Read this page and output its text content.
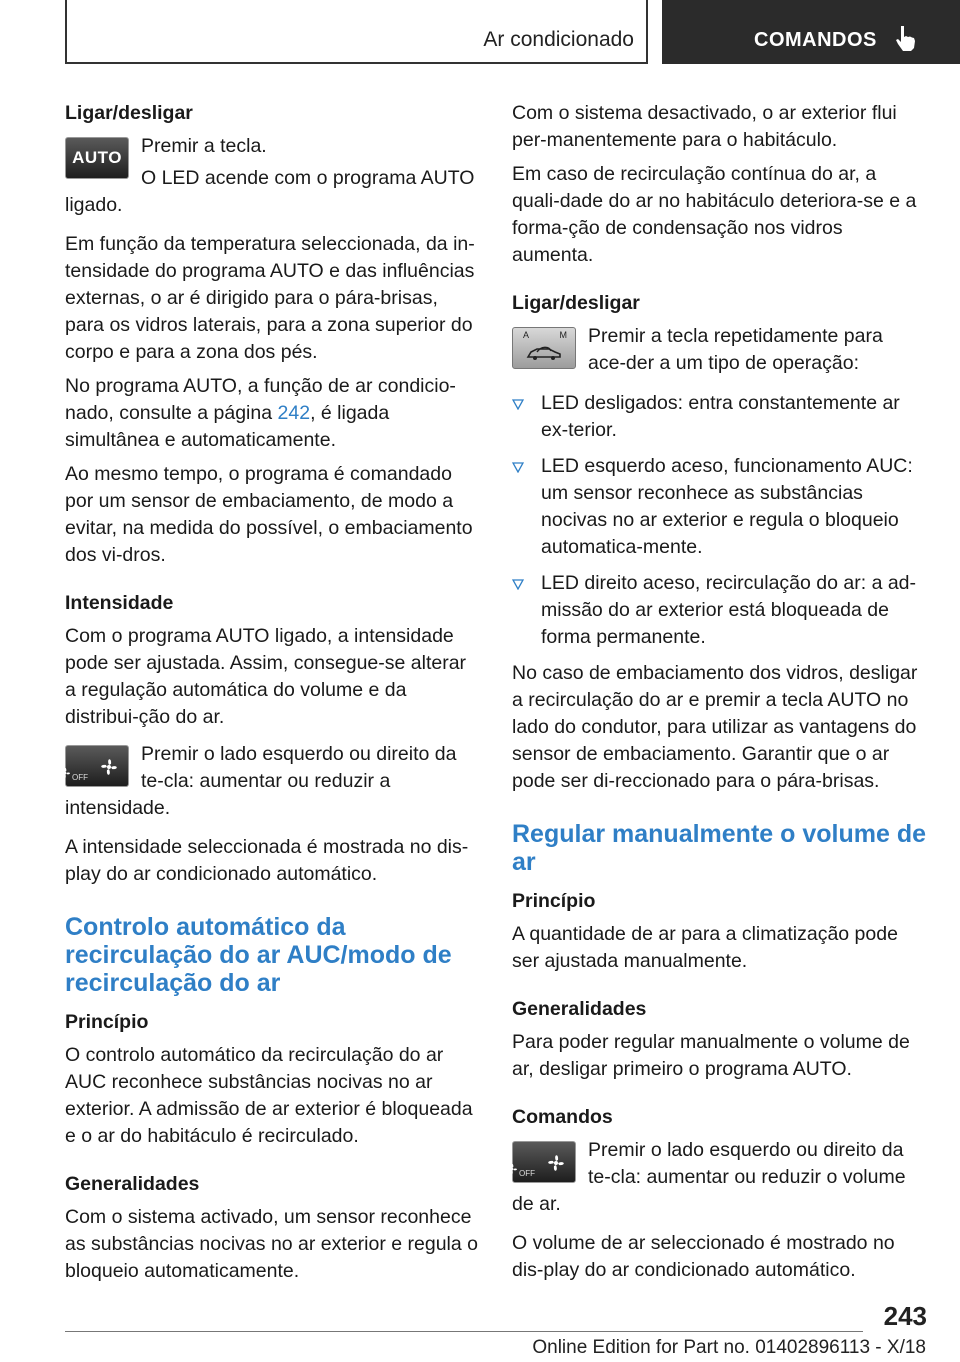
Ar condicionado	COMANDOS
Ligar/desligar
AUTO

Premir a tecla.

O LED acende com o programa AUTO ligado.

Em função da temperatura seleccionada, da in-tensidade do programa AUTO e das influências externas, o ar é dirigido para o pára-brisas, para os vidros laterais, para a zona superior do corpo e para a zona dos pés.

No programa AUTO, a função de ar condicio-nado, consulte a página 242, é ligada simultânea e automaticamente.

Ao mesmo tempo, o programa é comandado por um sensor de embaciamento, de modo a evitar, na medida do possível, o embaciamento dos vi-dros.

Intensidade

Com o programa AUTO ligado, a intensidade pode ser ajustada. Assim, consegue-se alterar a regulação automática do volume e da distribui-ção do ar.

OFF

Premir o lado esquerdo ou direito da te-cla: aumentar ou reduzir a intensidade.

A intensidade seleccionada é mostrada no dis-play do ar condicionado automático.

Controlo automático da recirculação do ar AUC/modo de recirculação do ar
Princípio

O controlo automático da recirculação do ar AUC reconhece substâncias nocivas no ar exterior. A admissão de ar exterior é bloqueada e o ar do habitáculo é recirculado.

Generalidades

Com o sistema activado, um sensor reconhece as substâncias nocivas no ar exterior e regula o bloqueio automaticamente.

Com o sistema desactivado, o ar exterior flui per-manentemente para o habitáculo.

Em caso de recirculação contínua do ar, a quali-dade do ar no habitáculo deteriora-se e a forma-ção de condensação nos vidros aumenta.

Ligar/desligar
A	M	Premir a tecla repetidamente para ace-der a um tipo de operação:

LED desligados: entra constantemente ar ex-terior.
LED esquerdo aceso, funcionamento AUC: um sensor reconhece as substâncias nocivas no ar exterior e regula o bloqueio automatica-mente.
LED direito aceso, recirculação do ar: a ad-missão do ar exterior está bloqueada de forma permanente.

No caso de embaciamento dos vidros, desligar a recirculação do ar e premir a tecla AUTO no lado do condutor, para utilizar as vantagens do sensor de embaciamento. Garantir que o ar pode ser di-reccionado para o pára-brisas.

Regular manualmente o volume de ar
Princípio

A quantidade de ar para a climatização pode ser ajustada manualmente.

Generalidades

Para poder regular manualmente o volume de ar, desligar primeiro o programa AUTO.

Comandos
OFF

Premir o lado esquerdo ou direito da te-cla: aumentar ou reduzir o volume de ar.

O volume de ar seleccionado é mostrado no dis-play do ar condicionado automático.

243
Online Edition for Part no. 01402896113 - X/18
